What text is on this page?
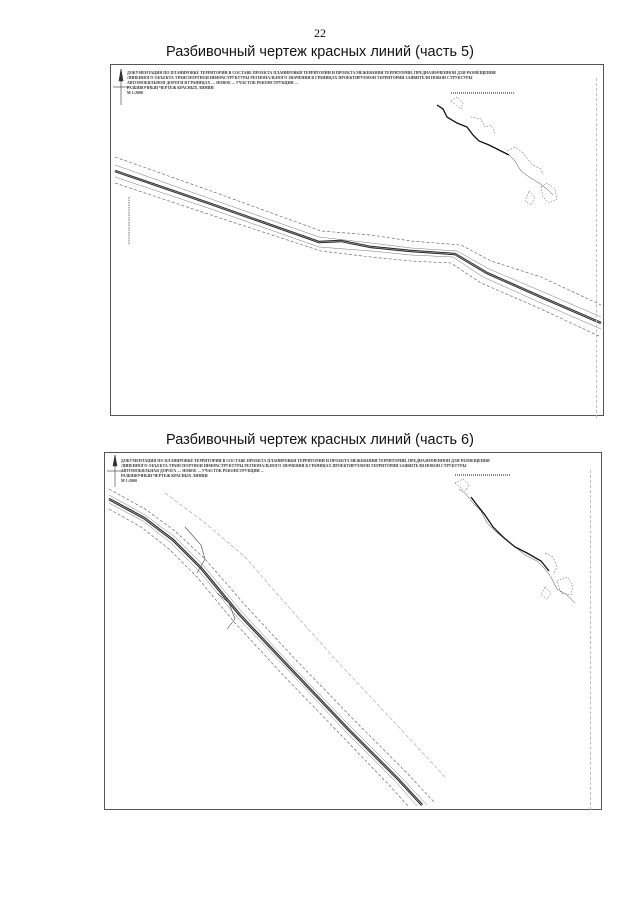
22
Разбивочный чертеж красных линий (часть 5)
ДОКУМЕНТАЦИЯ ПО ПЛАНИРОВКЕ ТЕРРИТОРИИ В СОСТАВЕ ПРОЕКТА ПЛАНИРОВКИ ТЕРРИТОРИИ И ПРОЕКТА МЕЖЕВАНИЯ ТЕРРИТОРИИ, ПРЕДНАЗНАЧЕННОЙ ДЛЯ РАЗМЕЩЕНИЯ
ЛИНЕЙНОГО ОБЪЕКТА ТРАНСПОРТНОЙ ИНФРАСТРУКТУРЫ РЕГИОНАЛЬНОГО ЗНАЧЕНИЯ В ГРАНИЦАХ ПРОЕКТИРУЕМОЙ ТЕРРИТОРИИ ЗАЯВИТЕЛЯ НОВОЙ СТРУКТУРЫ
АВТОМОБИЛЬНОЙ ДОРОГИ В ГРАНИЦАХ — НОВОЕ ... УЧАСТОК РЕКОНСТРУКЦИИ ...
РАЗБИВОЧНЫЙ ЧЕРТЕЖ КРАСНЫХ ЛИНИЙ
М 1:2000
Разбивочный чертеж красных линий (часть 6)
ДОКУМЕНТАЦИЯ ПО ПЛАНИРОВКЕ ТЕРРИТОРИИ В СОСТАВЕ ПРОЕКТА ПЛАНИРОВКИ ТЕРРИТОРИИ И ПРОЕКТА МЕЖЕВАНИЯ ТЕРРИТОРИИ, ПРЕДНАЗНАЧЕННОЙ ДЛЯ РАЗМЕЩЕНИЯ
ЛИНЕЙНОГО ОБЪЕКТА ТРАНСПОРТНОЙ ИНФРАСТРУКТУРЫ РЕГИОНАЛЬНОГО ЗНАЧЕНИЯ В ГРАНИЦАХ ПРОЕКТИРУЕМОЙ ТЕРРИТОРИИ ЗАЯВИТЕЛЯ НОВОЙ СТРУКТУРЫ
АВТОМОБИЛЬНАЯ ДОРОГА — НОВОЕ ... УЧАСТОК РЕКОНСТРУКЦИИ ...
РАЗБИВОЧНЫЙ ЧЕРТЕЖ КРАСНЫХ ЛИНИЙ
М 1:2000
